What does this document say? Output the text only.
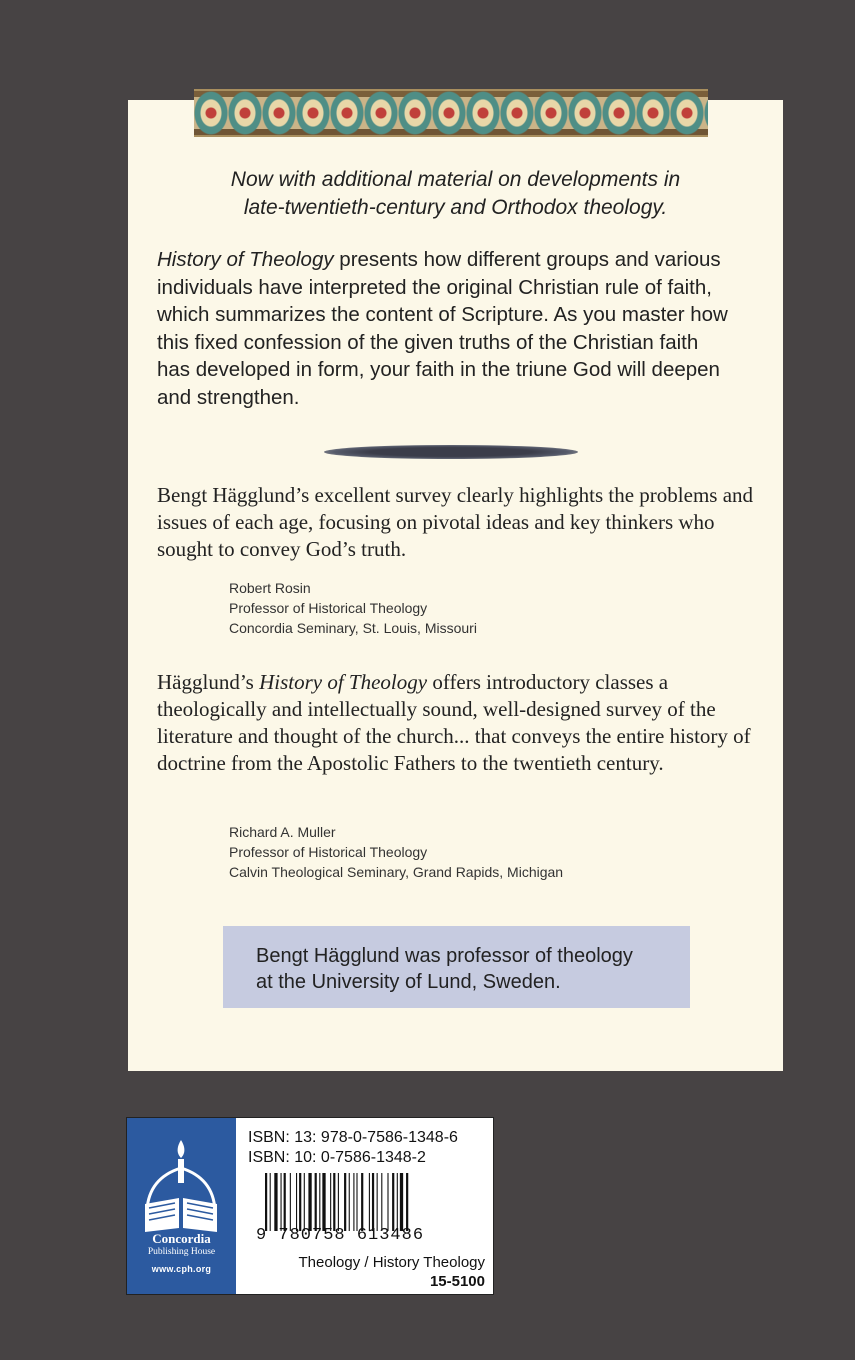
Now with additional material on developments in
late-twentieth-century and Orthodox theology.
History of Theology presents how different groups and various individuals have interpreted the original Christian rule of faith, which summarizes the content of Scripture. As you master how this fixed confession of the given truths of the Christian faith has developed in form, your faith in the triune God will deepen and strengthen.
Bengt Hägglund’s excellent survey clearly highlights the problems and issues of each age, focusing on pivotal ideas and key thinkers who sought to convey God’s truth.
Robert Rosin
Professor of Historical Theology
Concordia Seminary, St. Louis, Missouri
Hägglund’s History of Theology offers introductory classes a theologically and intellectually sound, well-designed survey of the literature and thought of the church... that conveys the entire history of doctrine from the Apostolic Fathers to the twentieth century.
Richard A. Muller
Professor of Historical Theology
Calvin Theological Seminary, Grand Rapids, Michigan
Bengt Hägglund was professor of theology
at the University of Lund, Sweden.
Concordia
Publishing House
www.cph.org
ISBN: 13: 978-0-7586-1348-6
ISBN: 10: 0-7586-1348-2
9 780758 613486
Theology / History Theology
15-5100
